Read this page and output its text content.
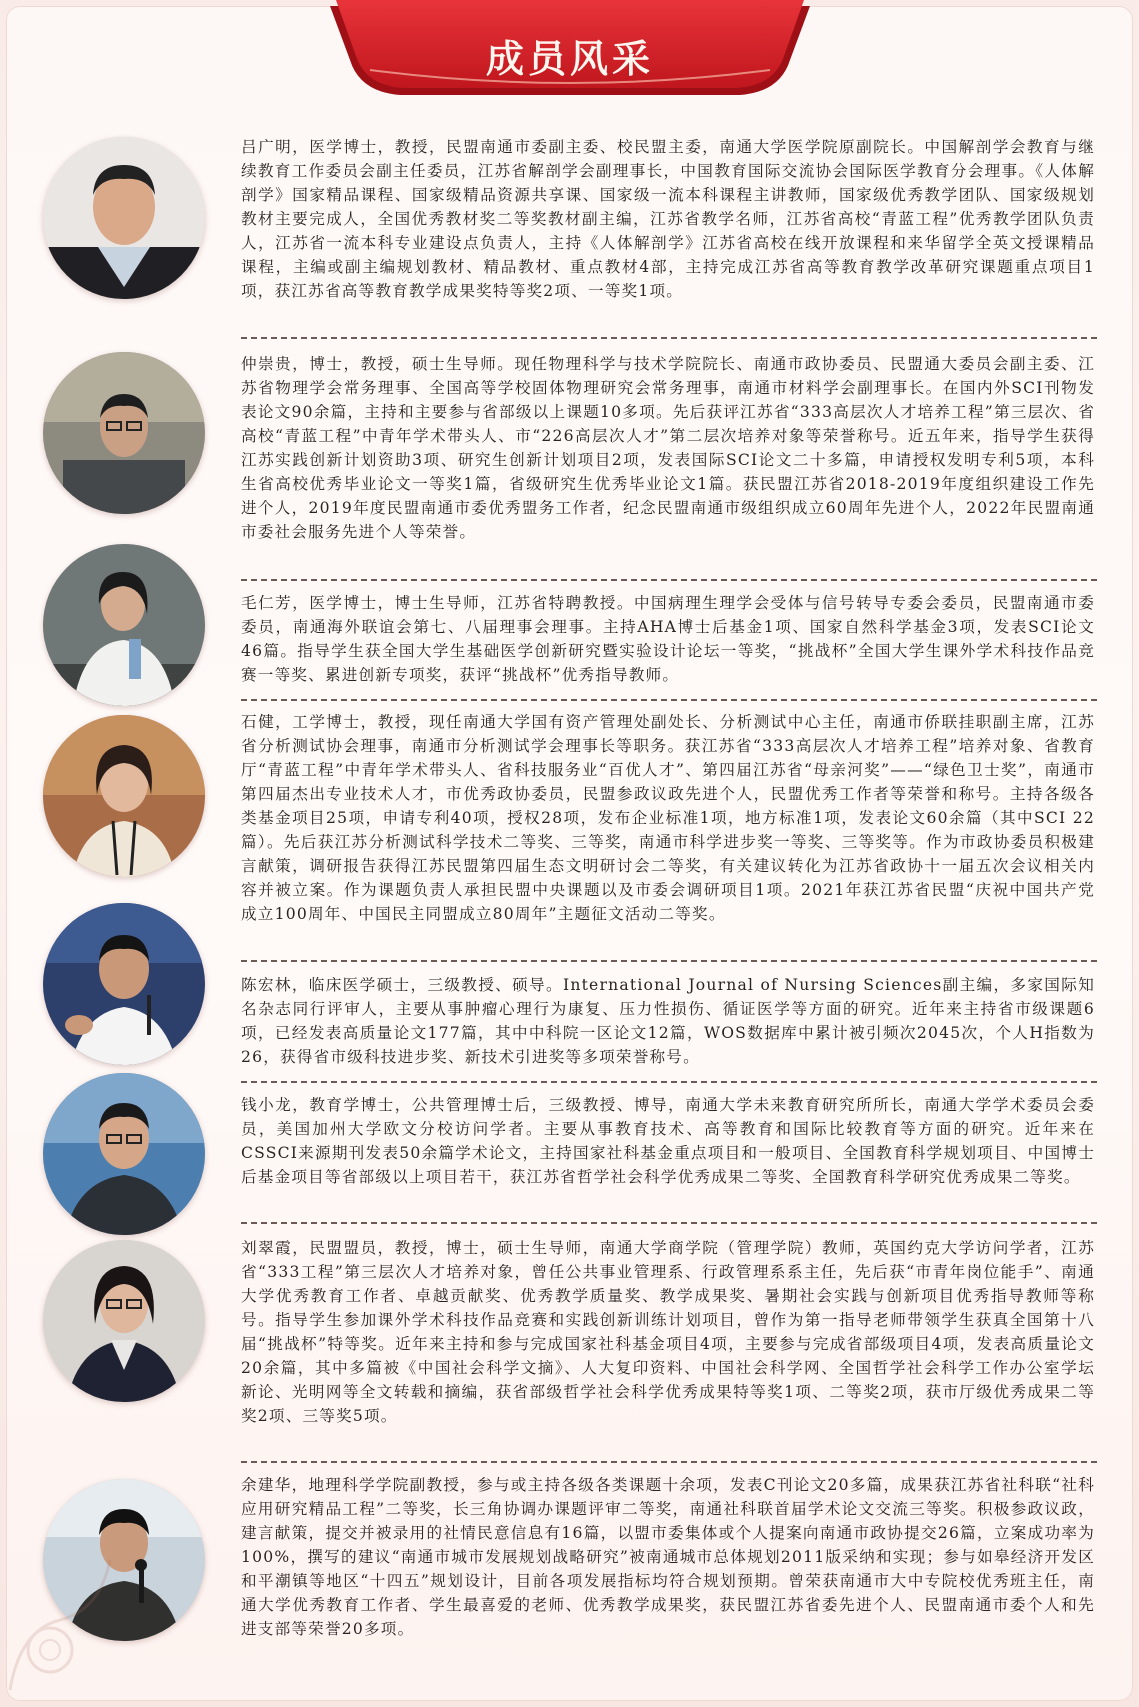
成员风采
吕广明，医学博士，教授，民盟南通市委副主委、校民盟主委，南通大学医学院原副院长。中国解剖学会教育与继续教育工作委员会副主任委员，江苏省解剖学会副理事长，中国教育国际交流协会国际医学教育分会理事。《人体解剖学》国家精品课程、国家级精品资源共享课、国家级一流本科课程主讲教师，国家级优秀教学团队、国家级规划教材主要完成人，全国优秀教材奖二等奖教材副主编，江苏省教学名师，江苏省高校“青蓝工程”优秀教学团队负责人，江苏省一流本科专业建设点负责人，主持《人体解剖学》江苏省高校在线开放课程和来华留学全英文授课精品课程，主编或副主编规划教材、精品教材、重点教材4部，主持完成江苏省高等教育教学改革研究课题重点项目1项，获江苏省高等教育教学成果奖特等奖2项、一等奖1项。
仲崇贵，博士，教授，硕士生导师。现任物理科学与技术学院院长、南通市政协委员、民盟通大委员会副主委、江苏省物理学会常务理事、全国高等学校固体物理研究会常务理事，南通市材料学会副理事长。在国内外SCI刊物发表论文90余篇，主持和主要参与省部级以上课题10多项。先后获评江苏省“333高层次人才培养工程”第三层次、省高校“青蓝工程”中青年学术带头人、市“226高层次人才”第二层次培养对象等荣誉称号。近五年来，指导学生获得江苏实践创新计划资助3项、研究生创新计划项目2项，发表国际SCI论文二十多篇，申请授权发明专利5项，本科生省高校优秀毕业论文一等奖1篇，省级研究生优秀毕业论文1篇。获民盟江苏省2018-2019年度组织建设工作先进个人，2019年度民盟南通市委优秀盟务工作者，纪念民盟南通市级组织成立60周年先进个人，2022年民盟南通市委社会服务先进个人等荣誉。
毛仁芳，医学博士，博士生导师，江苏省特聘教授。中国病理生理学会受体与信号转导专委会委员，民盟南通市委委员，南通海外联谊会第七、八届理事会理事。主持AHA博士后基金1项、国家自然科学基金3项，发表SCI论文46篇。指导学生获全国大学生基础医学创新研究暨实验设计论坛一等奖，“挑战杯”全国大学生课外学术科技作品竞赛一等奖、累进创新专项奖，获评“挑战杯”优秀指导教师。
石健，工学博士，教授，现任南通大学国有资产管理处副处长、分析测试中心主任，南通市侨联挂职副主席，江苏省分析测试协会理事，南通市分析测试学会理事长等职务。获江苏省“333高层次人才培养工程”培养对象、省教育厅“青蓝工程”中青年学术带头人、省科技服务业“百优人才”、第四届江苏省“母亲河奖”——“绿色卫士奖”，南通市第四届杰出专业技术人才，市优秀政协委员，民盟参政议政先进个人，民盟优秀工作者等荣誉和称号。主持各级各类基金项目25项，申请专利40项，授权28项，发布企业标准1项，地方标准1项，发表论文60余篇（其中SCI 22篇）。先后获江苏分析测试科学技术二等奖、三等奖，南通市科学进步奖一等奖、三等奖等。作为市政协委员积极建言献策，调研报告获得江苏民盟第四届生态文明研讨会二等奖，有关建议转化为江苏省政协十一届五次会议相关内容并被立案。作为课题负责人承担民盟中央课题以及市委会调研项目1项。2021年获江苏省民盟“庆祝中国共产党成立100周年、中国民主同盟成立80周年”主题征文活动二等奖。
陈宏林，临床医学硕士，三级教授、硕导。International Journal of Nursing Sciences副主编，多家国际知名杂志同行评审人，主要从事肿瘤心理行为康复、压力性损伤、循证医学等方面的研究。近年来主持省市级课题6项，已经发表高质量论文177篇，其中中科院一区论文12篇，WOS数据库中累计被引频次2045次，个人H指数为26，获得省市级科技进步奖、新技术引进奖等多项荣誉称号。
钱小龙，教育学博士，公共管理博士后，三级教授、博导，南通大学未来教育研究所所长，南通大学学术委员会委员，美国加州大学欧文分校访问学者。主要从事教育技术、高等教育和国际比较教育等方面的研究。近年来在CSSCI来源期刊发表50余篇学术论文，主持国家社科基金重点项目和一般项目、全国教育科学规划项目、中国博士后基金项目等省部级以上项目若干，获江苏省哲学社会科学优秀成果二等奖、全国教育科学研究优秀成果二等奖。
刘翠霞，民盟盟员，教授，博士，硕士生导师，南通大学商学院（管理学院）教师，英国约克大学访问学者，江苏省“333工程”第三层次人才培养对象，曾任公共事业管理系、行政管理系系主任，先后获“市青年岗位能手”、南通大学优秀教育工作者、卓越贡献奖、优秀教学质量奖、教学成果奖、暑期社会实践与创新项目优秀指导教师等称号。指导学生参加课外学术科技作品竞赛和实践创新训练计划项目，曾作为第一指导老师带领学生获真全国第十八届“挑战杯”特等奖。近年来主持和参与完成国家社科基金项目4项，主要参与完成省部级项目4项，发表高质量论文20余篇，其中多篇被《中国社会科学文摘》、人大复印资料、中国社会科学网、全国哲学社会科学工作办公室学坛新论、光明网等全文转载和摘编，获省部级哲学社会科学优秀成果特等奖1项、二等奖2项，获市厅级优秀成果二等奖2项、三等奖5项。
余建华，地理科学学院副教授，参与或主持各级各类课题十余项，发表C刊论文20多篇，成果获江苏省社科联“社科应用研究精品工程”二等奖，长三角协调办课题评审二等奖，南通社科联首届学术论文交流三等奖。积极参政议政，建言献策，提交并被录用的社情民意信息有16篇，以盟市委集体或个人提案向南通市政协提交26篇，立案成功率为100%，撰写的建议“南通市城市发展规划战略研究”被南通城市总体规划2011版采纳和实现；参与如皋经济开发区和平潮镇等地区“十四五”规划设计，目前各项发展指标均符合规划预期。曾荣获南通市大中专院校优秀班主任，南通大学优秀教育工作者、学生最喜爱的老师、优秀教学成果奖，获民盟江苏省委先进个人、民盟南通市委个人和先进支部等荣誉20多项。
